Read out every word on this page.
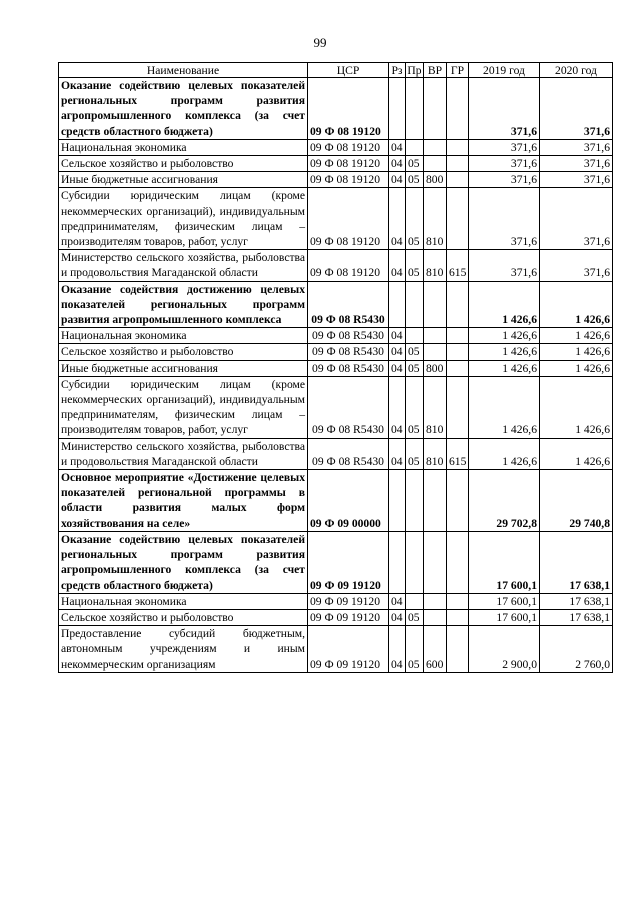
99
Наименование	ЦСР	Рз	Пр	ВР	ГР	2019 год	2020 год
Оказание содействию целевых показателей региональных программ развития агропромышленного комплекса (за счет средств областного бюджета)	09 Ф 08 19120					371,6	371,6
Национальная экономика	09 Ф 08 19120	04				371,6	371,6
Сельское хозяйство и рыболовство	09 Ф 08 19120	04	05			371,6	371,6
Иные бюджетные ассигнования	09 Ф 08 19120	04	05	800		371,6	371,6
Субсидии юридическим лицам (кроме некоммерческих организаций), индивидуальным предпринимателям, физическим лицам – производителям товаров, работ, услуг	09 Ф 08 19120	04	05	810		371,6	371,6
Министерство сельского хозяйства, рыболовства и продовольствия Магаданской области	09 Ф 08 19120	04	05	810	615	371,6	371,6
Оказание содействия достижению целевых показателей региональных программ развития агропромышленного комплекса	09 Ф 08 R5430					1 426,6	1 426,6
Национальная экономика	09 Ф 08 R5430	04				1 426,6	1 426,6
Сельское хозяйство и рыболовство	09 Ф 08 R5430	04	05			1 426,6	1 426,6
Иные бюджетные ассигнования	09 Ф 08 R5430	04	05	800		1 426,6	1 426,6
Субсидии юридическим лицам (кроме некоммерческих организаций), индивидуальным предпринимателям, физическим лицам – производителям товаров, работ, услуг	09 Ф 08 R5430	04	05	810		1 426,6	1 426,6
Министерство сельского хозяйства, рыболовства и продовольствия Магаданской области	09 Ф 08 R5430	04	05	810	615	1 426,6	1 426,6
Основное мероприятие «Достижение целевых показателей региональной программы в области развития малых форм хозяйствования на селе»	09 Ф 09 00000					29 702,8	29 740,8
Оказание содействию целевых показателей региональных программ развития агропромышленного комплекса (за счет средств областного бюджета)	09 Ф 09 19120					17 600,1	17 638,1
Национальная экономика	09 Ф 09 19120	04				17 600,1	17 638,1
Сельское хозяйство и рыболовство	09 Ф 09 19120	04	05			17 600,1	17 638,1
Предоставление субсидий бюджетным, автономным учреждениям и иным некоммерческим организациям	09 Ф 09 19120	04	05	600		2 900,0	2 760,0
